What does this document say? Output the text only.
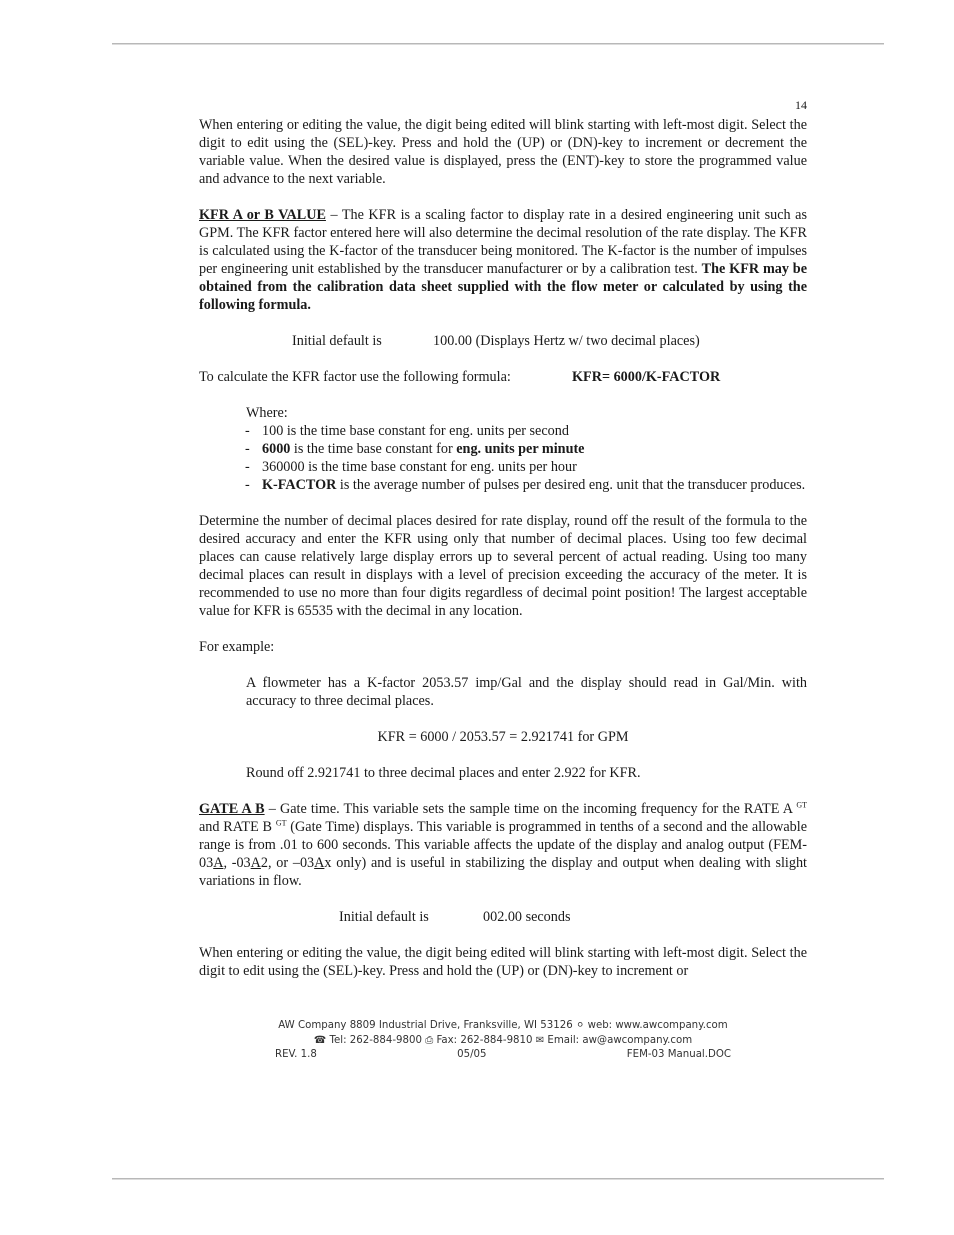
14

When entering or editing the value, the digit being edited will blink starting with left-most digit. Select the digit to edit using the (SEL)-key. Press and hold the (UP) or (DN)-key to increment or decrement the variable value. When the desired value is displayed, press the (ENT)-key to store the programmed value and advance to the next variable.

KFR A or B VALUE – The KFR is a scaling factor to display rate in a desired engineering unit such as GPM. The KFR factor entered here will also determine the decimal resolution of the rate display. The KFR is calculated using the K-factor of the transducer being monitored. The K-factor is the number of impulses per engineering unit established by the transducer manufacturer or by a calibration test. The KFR may be obtained from the calibration data sheet supplied with the flow meter or calculated by using the following formula.

Initial default is	100.00 (Displays Hertz w/ two decimal places)
To calculate the KFR factor use the following formula:	KFR= 6000/K-FACTOR
Where:
- 100 is the time base constant for eng. units per second
- 6000 is the time base constant for eng. units per minute
- 360000 is the time base constant for eng. units per hour
- K-FACTOR is the average number of pulses per desired eng. unit that the transducer produces.

Determine the number of decimal places desired for rate display, round off the result of the formula to the desired accuracy and enter the KFR using only that number of decimal places. Using too few decimal places can cause relatively large display errors up to several percent of actual reading. Using too many decimal places can result in displays with a level of precision exceeding the accuracy of the meter. It is recommended to use no more than four digits regardless of decimal point position! The largest acceptable value for KFR is 65535 with the decimal in any location.

For example:

A flowmeter has a K-factor 2053.57 imp/Gal and the display should read in Gal/Min. with accuracy to three decimal places.

KFR = 6000 / 2053.57 = 2.921741 for GPM

Round off 2.921741 to three decimal places and enter 2.922 for KFR.

GATE A B – Gate time. This variable sets the sample time on the incoming frequency for the RATE A $^{GT}$ and RATE B $^{GT}$ (Gate Time) displays. This variable is programmed in tenths of a second and the allowable range is from .01 to 600 seconds. This variable affects the update of the display and analog output (FEM-03A, -03A2, or –03Ax only) and is useful in stabilizing the display and output when dealing with slight variations in flow.

Initial default is	002.00 seconds

When entering or editing the value, the digit being edited will blink starting with left-most digit. Select the digit to edit using the (SEL)-key. Press and hold the (UP) or (DN)-key to increment or

AW Company 8809 Industrial Drive, Franksville, WI 53126 ⚪ web: www.awcompany.com
☎ Tel: 262-884-9800 ⎙ Fax: 262-884-9810 ✉ Email: aw@awcompany.com
REV. 1.8	05/05	FEM-03 Manual.DOC
